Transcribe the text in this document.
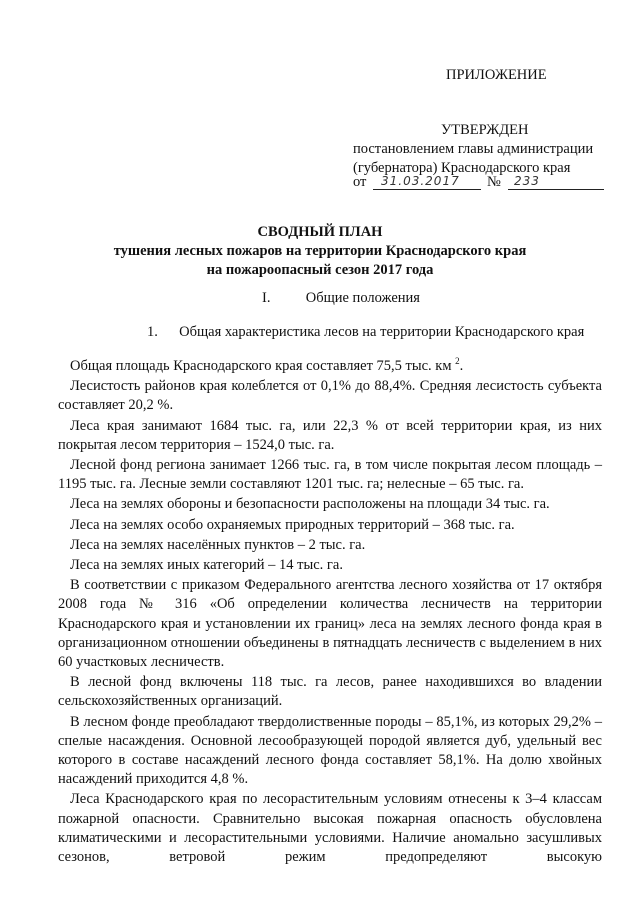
ПРИЛОЖЕНИЕ
УТВЕРЖДЕН
постановлением главы администрации
(губернатора) Краснодарского края
от 31.03.2017 № 233
СВОДНЫЙ ПЛАН
тушения лесных пожаров на территории Краснодарского края
на пожароопасный сезон 2017 года
I. Общие положения
1. Общая характеристика лесов на территории Краснодарского края

Общая площадь Краснодарского края составляет 75,5 тыс. км $^2$.

Лесистость районов края колеблется от 0,1% до 88,4%. Средняя лесистость субъекта составляет 20,2 %.

Леса края занимают 1684 тыс. га, или 22,3 % от всей территории края, из них покрытая лесом территория – 1524,0 тыс. га.

Лесной фонд региона занимает 1266 тыс. га, в том числе покрытая лесом площадь – 1195 тыс. га. Лесные земли составляют 1201 тыс. га; нелесные – 65 тыс. га.

Леса на землях обороны и безопасности расположены на площади 34 тыс. га.

Леса на землях особо охраняемых природных территорий – 368 тыс. га.

Леса на землях населённых пунктов – 2 тыс. га.

Леса на землях иных категорий – 14 тыс. га.

В соответствии с приказом Федерального агентства лесного хозяйства от 17 октября 2008 года № 316 «Об определении количества лесничеств на территории Краснодарского края и установлении их границ» леса на землях лесного фонда края в организационном отношении объединены в пятнадцать лесничеств с выделением в них 60 участковых лесничеств.

В лесной фонд включены 118 тыс. га лесов, ранее находившихся во владении сельскохозяйственных организаций.

В лесном фонде преобладают твердолиственные породы – 85,1%, из которых 29,2% – спелые насаждения. Основной лесообразующей породой является дуб, удельный вес которого в составе насаждений лесного фонда составляет 58,1%. На долю хвойных насаждений приходится 4,8 %.

Леса Краснодарского края по лесорастительным условиям отнесены к 3–4 классам пожарной опасности. Сравнительно высокая пожарная опасность обусловлена климатическими и лесорастительными условиями. Наличие аномально засушливых сезонов, ветровой режим предопределяют высокую
